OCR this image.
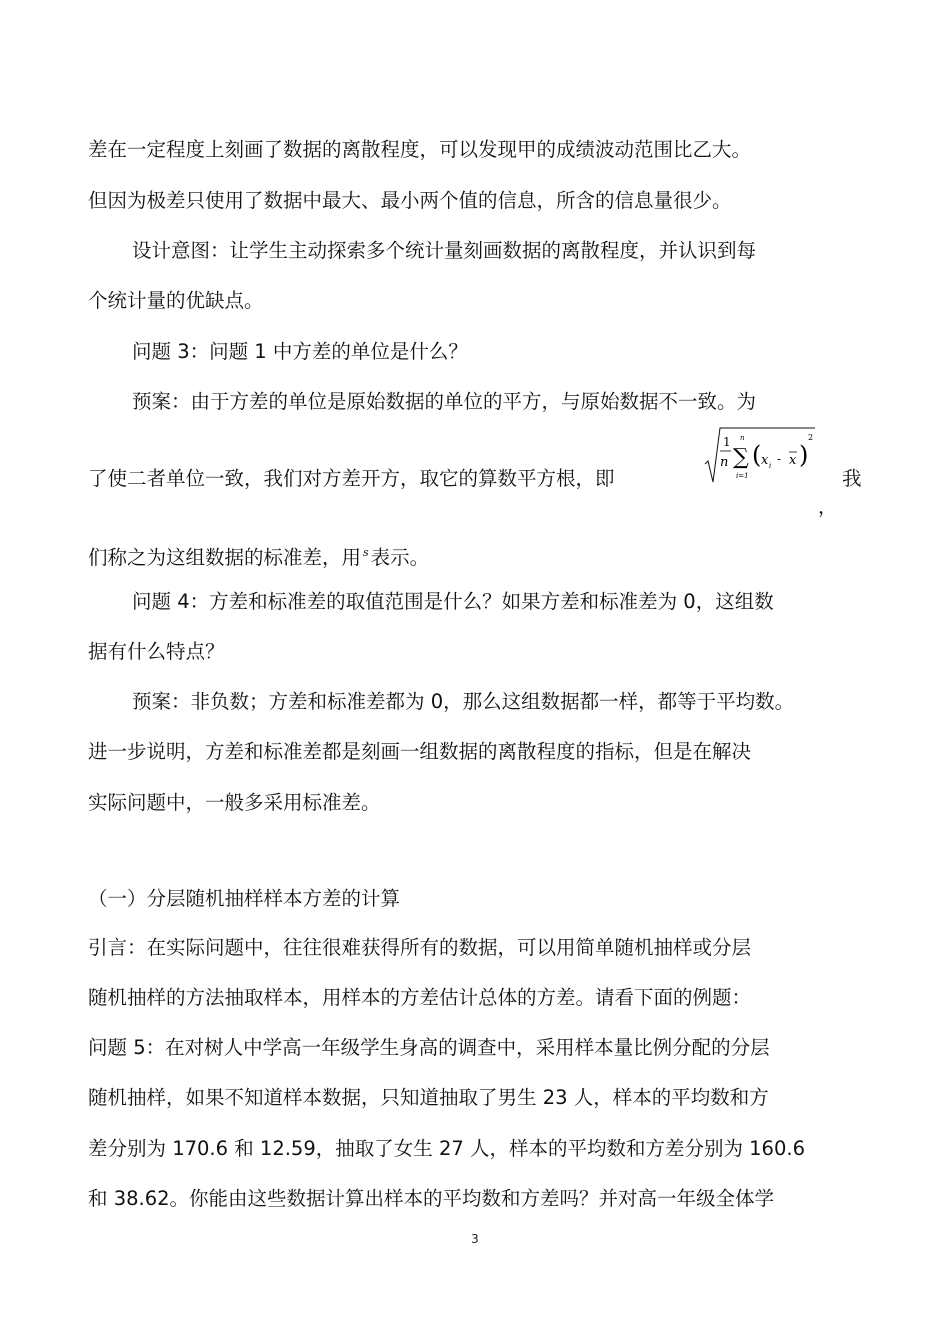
差在一定程度上刻画了数据的离散程度，可以发现甲的成绩波动范围比乙大。
但因为极差只使用了数据中最大、最小两个值的信息，所含的信息量很少。
设计意图：让学生主动探索多个统计量刻画数据的离散程度，并认识到每
个统计量的优缺点。
问题 3：问题 1 中方差的单位是什么？
预案：由于方差的单位是原始数据的单位的平方，与原始数据不一致。为
了使二者单位一致，我们对方差开方，取它的算数平方根，即
1
n ∑
n
i=1
( x i - x )
2
我
，
们称之为这组数据的标准差，用 $^s$ 表示。
问题 4：方差和标准差的取值范围是什么？如果方差和标准差为 0，这组数
据有什么特点？
预案：非负数；方差和标准差都为 0，那么这组数据都一样，都等于平均数。
进一步说明，方差和标准差都是刻画一组数据的离散程度的指标，但是在解决
实际问题中，一般多采用标准差。
（一）分层随机抽样样本方差的计算
引言：在实际问题中，往往很难获得所有的数据，可以用简单随机抽样或分层
随机抽样的方法抽取样本，用样本的方差估计总体的方差。请看下面的例题：
问题 5：在对树人中学高一年级学生身高的调查中，采用样本量比例分配的分层
随机抽样，如果不知道样本数据，只知道抽取了男生 23 人，样本的平均数和方
差分别为 170.6 和 12.59，抽取了女生 27 人，样本的平均数和方差分别为 160.6
和 38.62。你能由这些数据计算出样本的平均数和方差吗？并对高一年级全体学
3
